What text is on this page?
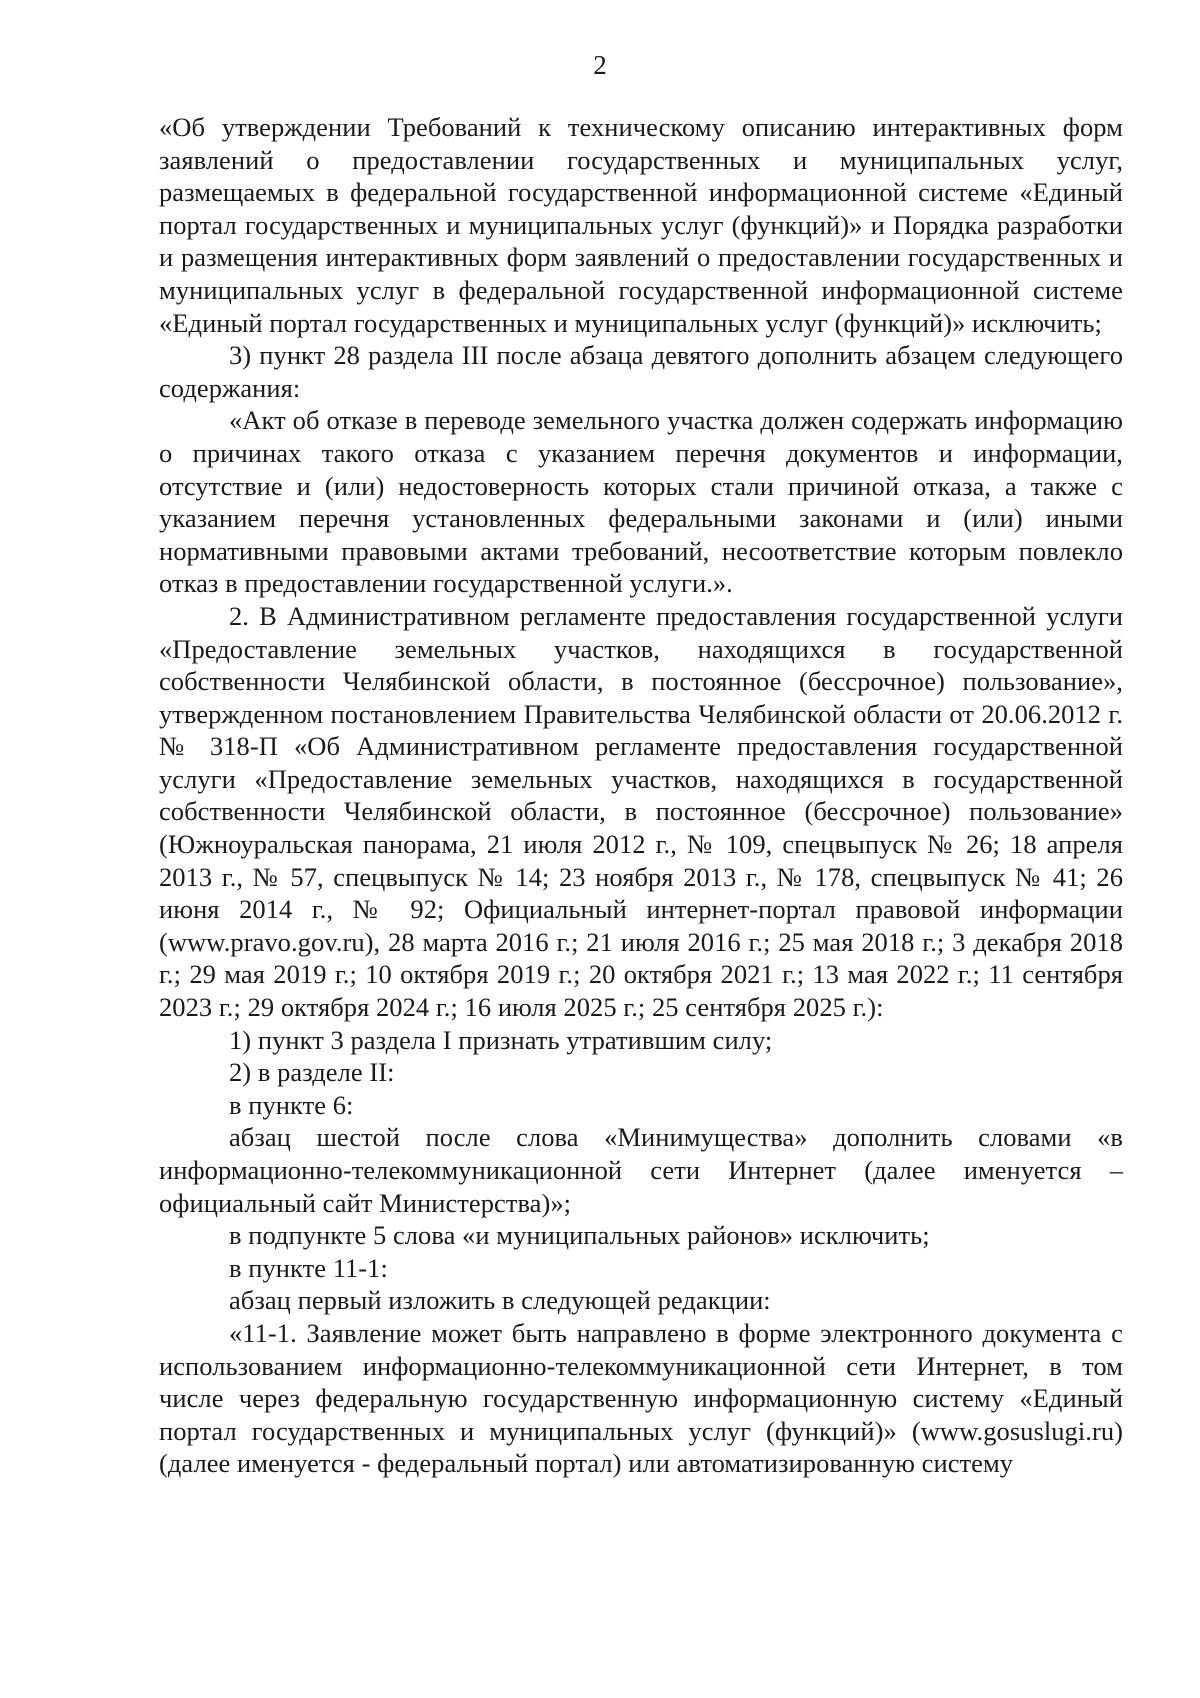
2

«Об утверждении Требований к техническому описанию интерактивных форм заявлений о предоставлении государственных и муниципальных услуг, размещаемых в федеральной государственной информационной системе «Единый портал государственных и муниципальных услуг (функций)» и Порядка разработки и размещения интерактивных форм заявлений о предоставлении государственных и муниципальных услуг в федеральной государственной информационной системе «Единый портал государственных и муниципальных услуг (функций)» исключить;

3) пункт 28 раздела III после абзаца девятого дополнить абзацем следующего содержания:

«Акт об отказе в переводе земельного участка должен содержать информацию о причинах такого отказа с указанием перечня документов и информации, отсутствие и (или) недостоверность которых стали причиной отказа, а также с указанием перечня установленных федеральными законами и (или) иными нормативными правовыми актами требований, несоответствие которым повлекло отказ в предоставлении государственной услуги.».

2. В Административном регламенте предоставления государственной услуги «Предоставление земельных участков, находящихся в государственной собственности Челябинской области, в постоянное (бессрочное) пользование», утвержденном постановлением Правительства Челябинской области от 20.06.2012 г. № 318-П «Об Административном регламенте предоставления государственной услуги «Предоставление земельных участков, находящихся в государственной собственности Челябинской области, в постоянное (бессрочное) пользование» (Южноуральская панорама, 21 июля 2012 г., № 109, спецвыпуск № 26; 18 апреля 2013 г., № 57, спецвыпуск № 14; 23 ноября 2013 г., № 178, спецвыпуск № 41; 26 июня 2014 г., № 92; Официальный интернет-портал правовой информации (www.pravo.gov.ru), 28 марта 2016 г.; 21 июля 2016 г.; 25 мая 2018 г.; 3 декабря 2018 г.; 29 мая 2019 г.; 10 октября 2019 г.; 20 октября 2021 г.; 13 мая 2022 г.; 11 сентября 2023 г.; 29 октября 2024 г.; 16 июля 2025 г.; 25 сентября 2025 г.):

1) пункт 3 раздела I признать утратившим силу;

2) в разделе II:

в пункте 6:

абзац шестой после слова «Минимущества» дополнить словами «в информационно-телекоммуникационной сети Интернет (далее именуется – официальный сайт Министерства)»;

в подпункте 5 слова «и муниципальных районов» исключить;

в пункте 11-1:

абзац первый изложить в следующей редакции:

«11-1. Заявление может быть направлено в форме электронного документа с использованием информационно-телекоммуникационной сети Интернет, в том числе через федеральную государственную информационную систему «Единый портал государственных и муниципальных услуг (функций)» (www.gosuslugi.ru) (далее именуется - федеральный портал) или автоматизированную систему
